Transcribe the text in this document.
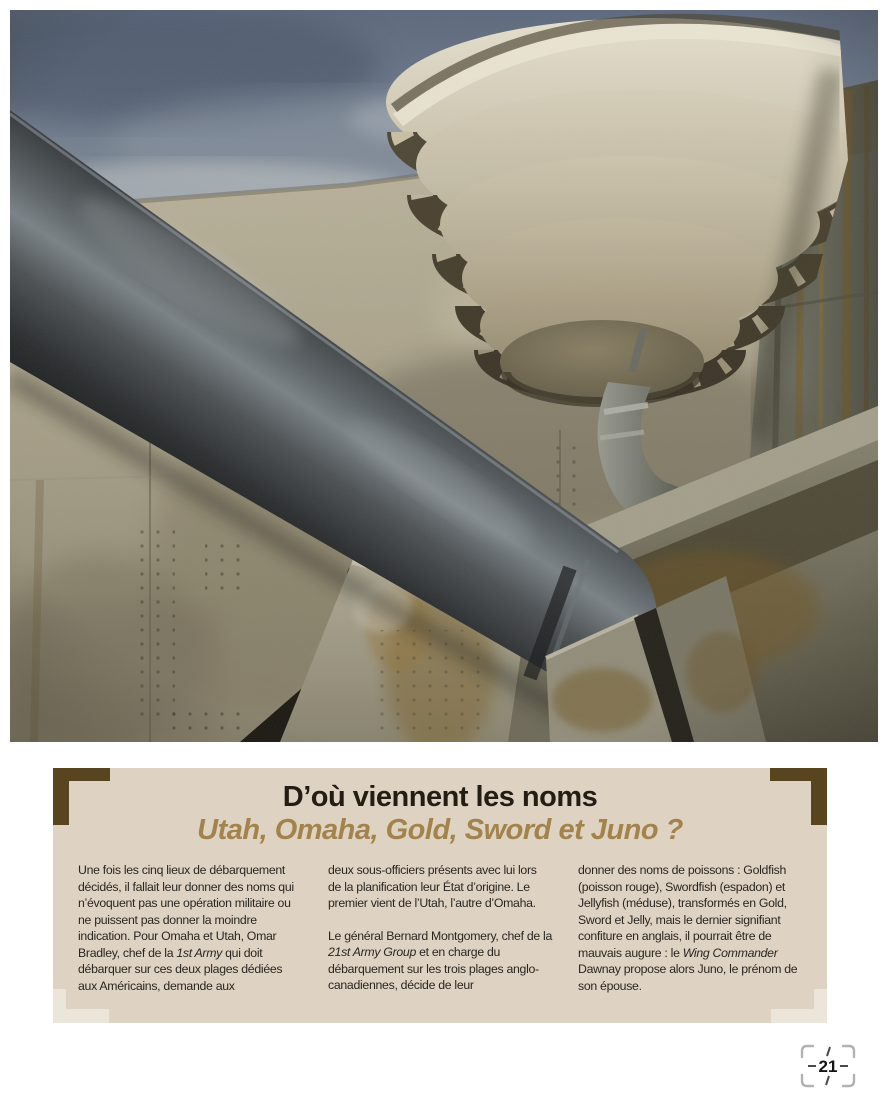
D’où viennent les noms
Utah, Omaha, Gold, Sword et Juno ?

Une fois les cinq lieux de débarquement décidés, il fallait leur donner des noms qui n’évoquent pas une opération militaire ou ne puissent pas donner la moindre indication. Pour Omaha et Utah, Omar Bradley, chef de la 1st Army qui doit débarquer sur ces deux plages dédiées aux Américains, demande aux

deux sous-officiers présents avec lui lors de la planification leur État d’origine. Le premier vient de l’Utah, l’autre d’Omaha.

Le général Bernard Montgomery, chef de la 21st Army Group et en charge du débarquement sur les trois plages anglo-canadiennes, décide de leur

donner des noms de poissons : Goldfish (poisson rouge), Swordfish (espadon) et Jellyfish (méduse), transformés en Gold, Sword et Jelly, mais le dernier signifiant confiture en anglais, il pourrait être de mauvais augure : le Wing Commander Dawnay propose alors Juno, le prénom de son épouse.

21
